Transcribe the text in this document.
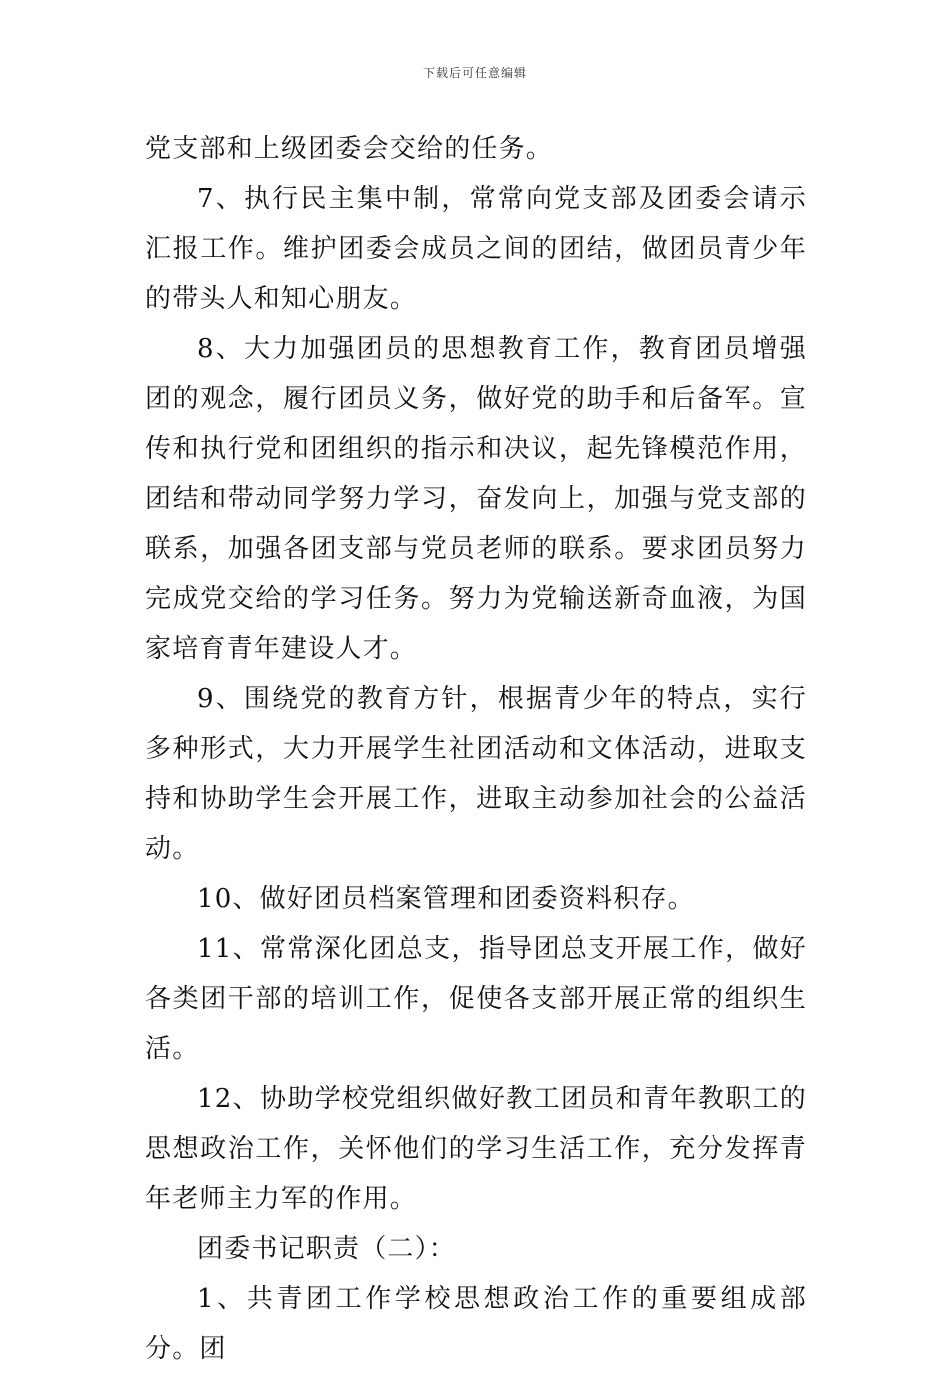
下载后可任意编辑

党支部和上级团委会交给的任务。

7、执行民主集中制，常常向党支部及团委会请示汇报工作。维护团委会成员之间的团结，做团员青少年的带头人和知心朋友。

8、大力加强团员的思想教育工作，教育团员增强团的观念，履行团员义务，做好党的助手和后备军。宣传和执行党和团组织的指示和决议，起先锋模范作用，团结和带动同学努力学习，奋发向上，加强与党支部的联系，加强各团支部与党员老师的联系。要求团员努力完成党交给的学习任务。努力为党输送新奇血液，为国家培育青年建设人才。

9、围绕党的教育方针，根据青少年的特点，实行多种形式，大力开展学生社团活动和文体活动，进取支持和协助学生会开展工作，进取主动参加社会的公益活动。

10、做好团员档案管理和团委资料积存。

11、常常深化团总支，指导团总支开展工作，做好各类团干部的培训工作，促使各支部开展正常的组织生活。

12、协助学校党组织做好教工团员和青年教职工的思想政治工作，关怀他们的学习生活工作，充分发挥青年老师主力军的作用。

团委书记职责（二）：

1、共青团工作学校思想政治工作的重要组成部分。团
